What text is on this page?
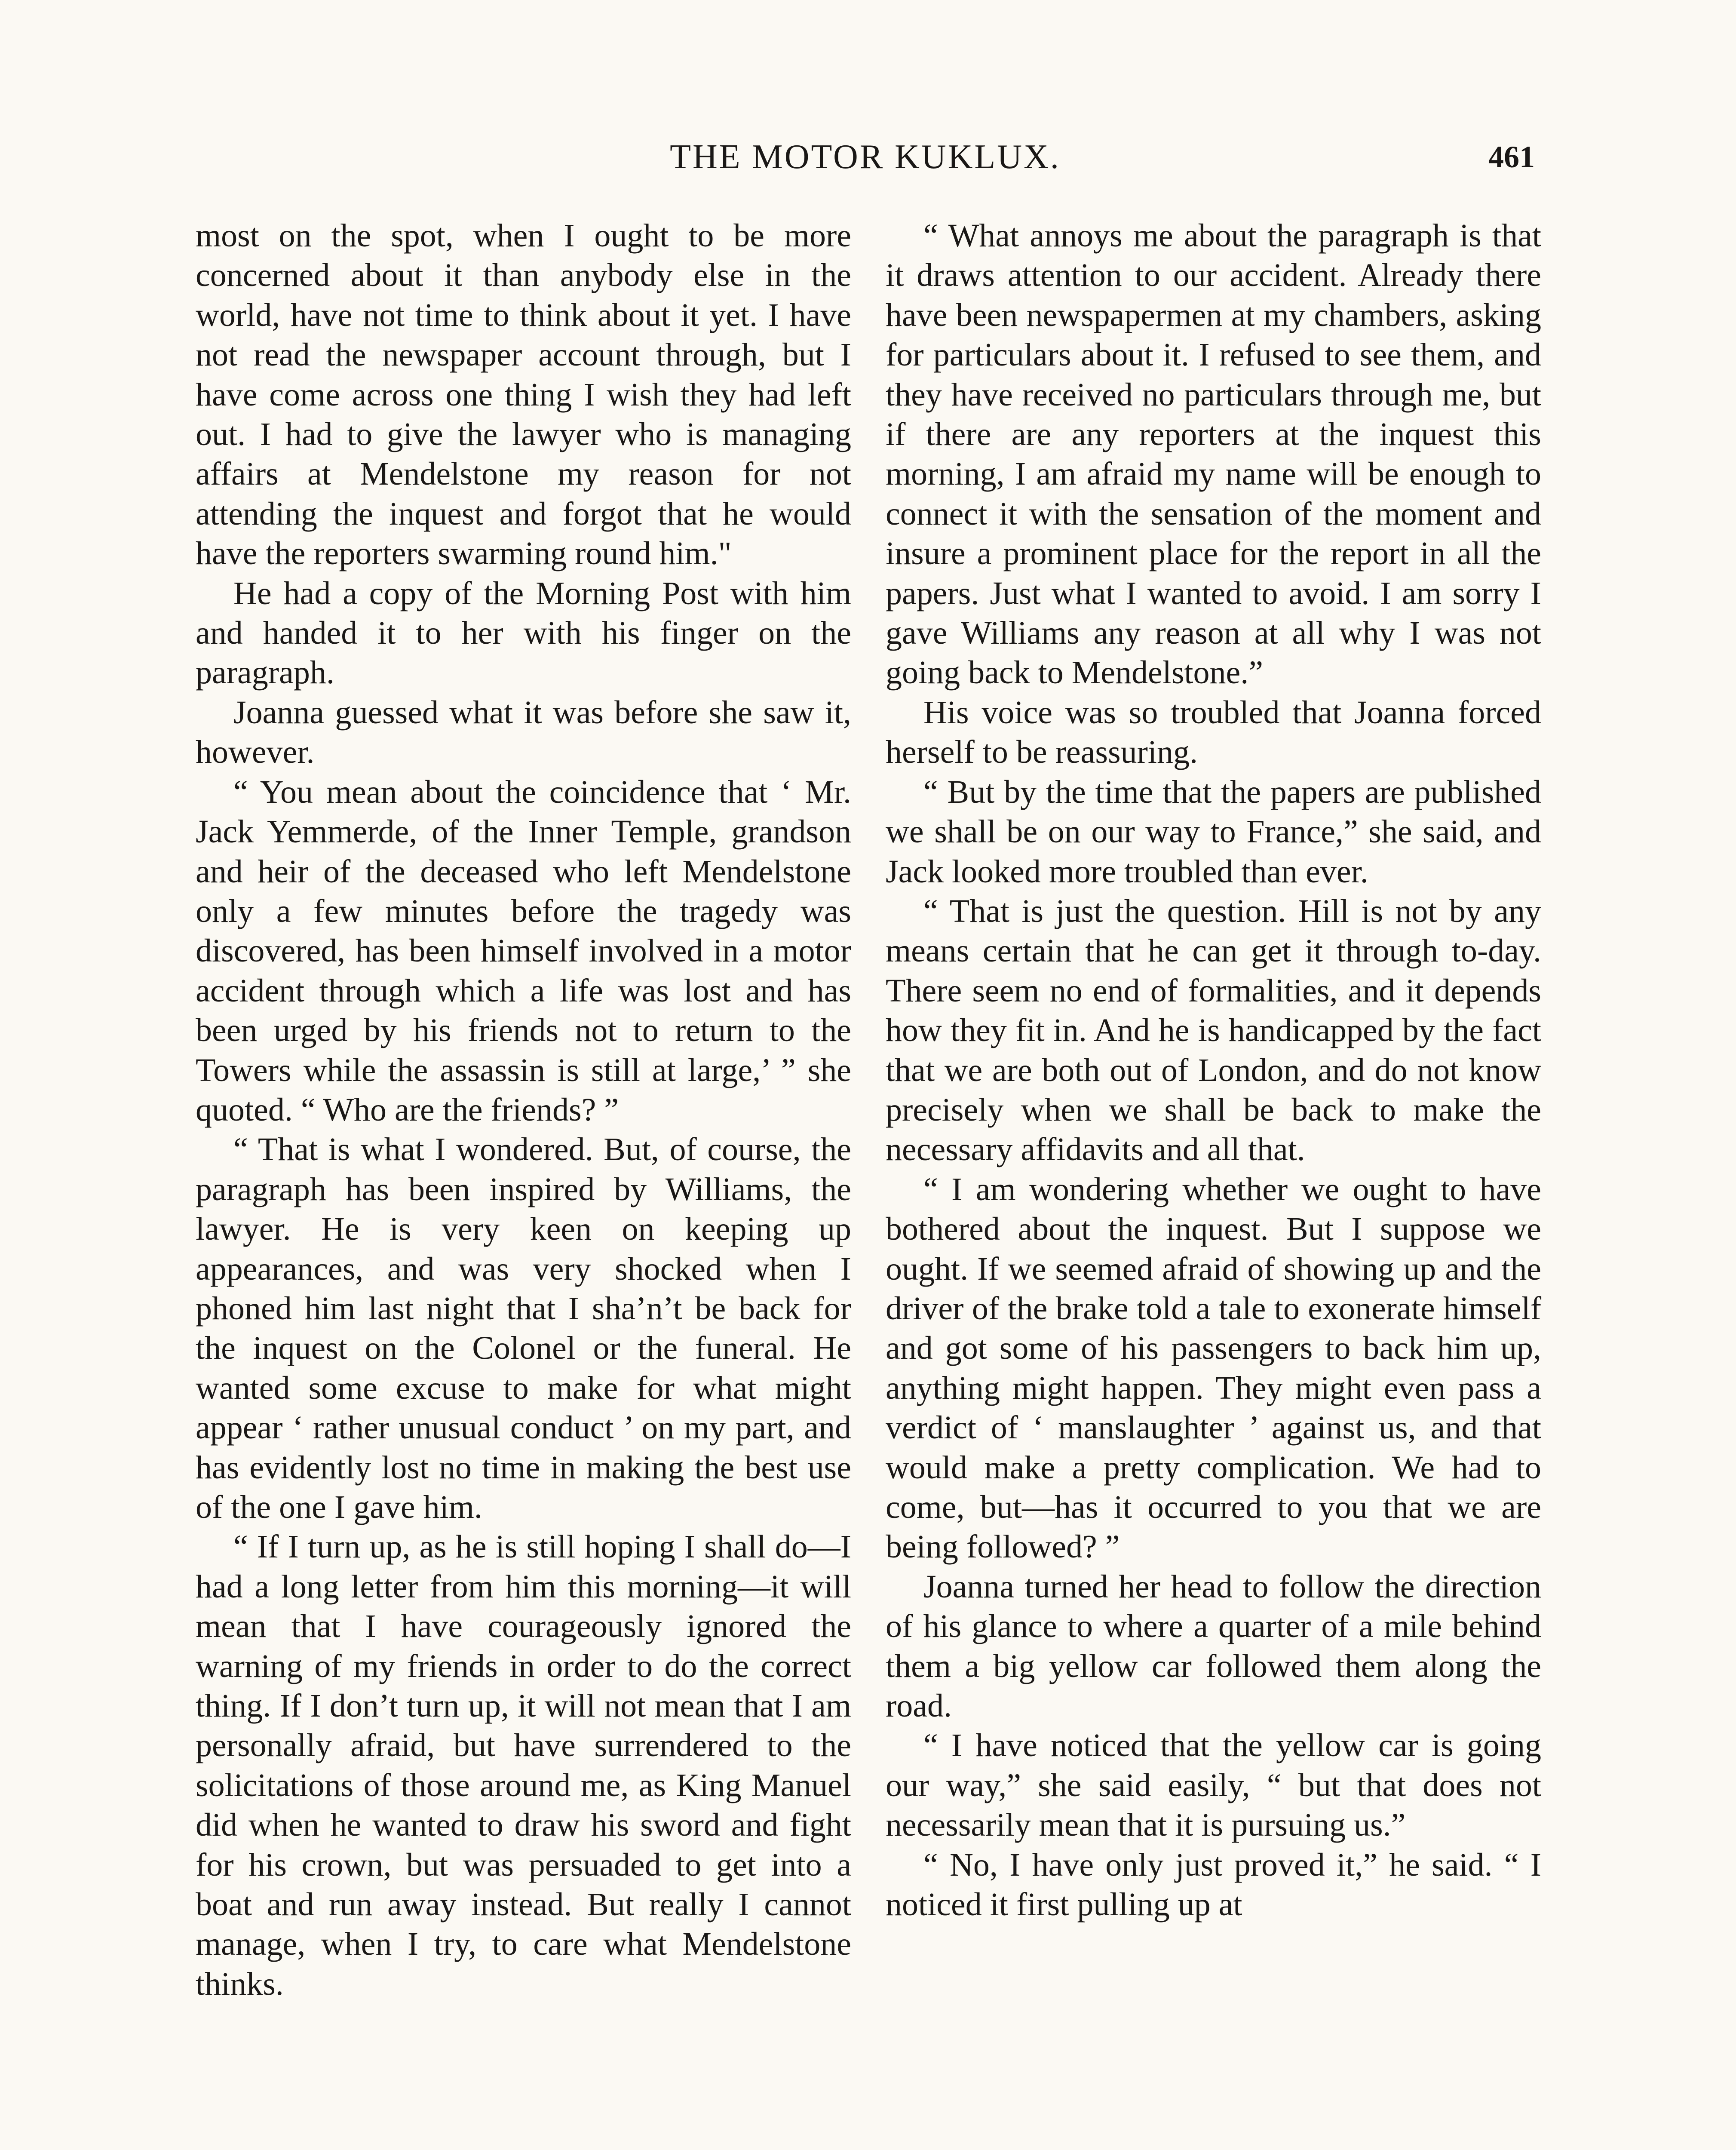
THE MOTOR KUKLUX.	461

most on the spot, when I ought to be more concerned about it than anybody else in the world, have not time to think about it yet. I have not read the newspaper account through, but I have come across one thing I wish they had left out. I had to give the lawyer who is managing affairs at Mendelstone my reason for not attending the inquest and forgot that he would have the reporters swarming round him."

He had a copy of the Morning Post with him and handed it to her with his finger on the paragraph.

Joanna guessed what it was before she saw it, however.

“ You mean about the coincidence that ‘ Mr. Jack Yemmerde, of the Inner Temple, grandson and heir of the deceased who left Mendelstone only a few minutes before the tragedy was discovered, has been himself involved in a motor accident through which a life was lost and has been urged by his friends not to return to the Towers while the assassin is still at large,’ ” she quoted. “ Who are the friends? ”

“ That is what I wondered. But, of course, the paragraph has been inspired by Williams, the lawyer. He is very keen on keeping up appearances, and was very shocked when I phoned him last night that I sha’n’t be back for the inquest on the Colonel or the funeral. He wanted some excuse to make for what might appear ‘ rather unusual conduct ’ on my part, and has evidently lost no time in making the best use of the one I gave him.

“ If I turn up, as he is still hoping I shall do—I had a long letter from him this morning—it will mean that I have courageously ignored the warning of my friends in order to do the correct thing. If I don’t turn up, it will not mean that I am personally afraid, but have surrendered to the solicitations of those around me, as King Manuel did when he wanted to draw his sword and fight for his crown, but was persuaded to get into a boat and run away instead. But really I cannot manage, when I try, to care what Mendelstone thinks.

“ What annoys me about the paragraph is that it draws attention to our accident. Already there have been newspapermen at my chambers, asking for particulars about it. I refused to see them, and they have received no particulars through me, but if there are any reporters at the inquest this morning, I am afraid my name will be enough to connect it with the sensation of the moment and insure a prominent place for the report in all the papers. Just what I wanted to avoid. I am sorry I gave Williams any reason at all why I was not going back to Mendelstone.”

His voice was so troubled that Joanna forced herself to be reassuring.

“ But by the time that the papers are published we shall be on our way to France,” she said, and Jack looked more troubled than ever.

“ That is just the question. Hill is not by any means certain that he can get it through to-day. There seem no end of formalities, and it depends how they fit in. And he is handicapped by the fact that we are both out of London, and do not know precisely when we shall be back to make the necessary affidavits and all that.

“ I am wondering whether we ought to have bothered about the inquest. But I suppose we ought. If we seemed afraid of showing up and the driver of the brake told a tale to exonerate himself and got some of his passengers to back him up, anything might happen. They might even pass a verdict of ‘ manslaughter ’ against us, and that would make a pretty complication. We had to come, but—has it occurred to you that we are being followed? ”

Joanna turned her head to follow the direction of his glance to where a quarter of a mile behind them a big yellow car followed them along the road.

“ I have noticed that the yellow car is going our way,” she said easily, “ but that does not necessarily mean that it is pursuing us.”

“ No, I have only just proved it,” he said. “ I noticed it first pulling up at
